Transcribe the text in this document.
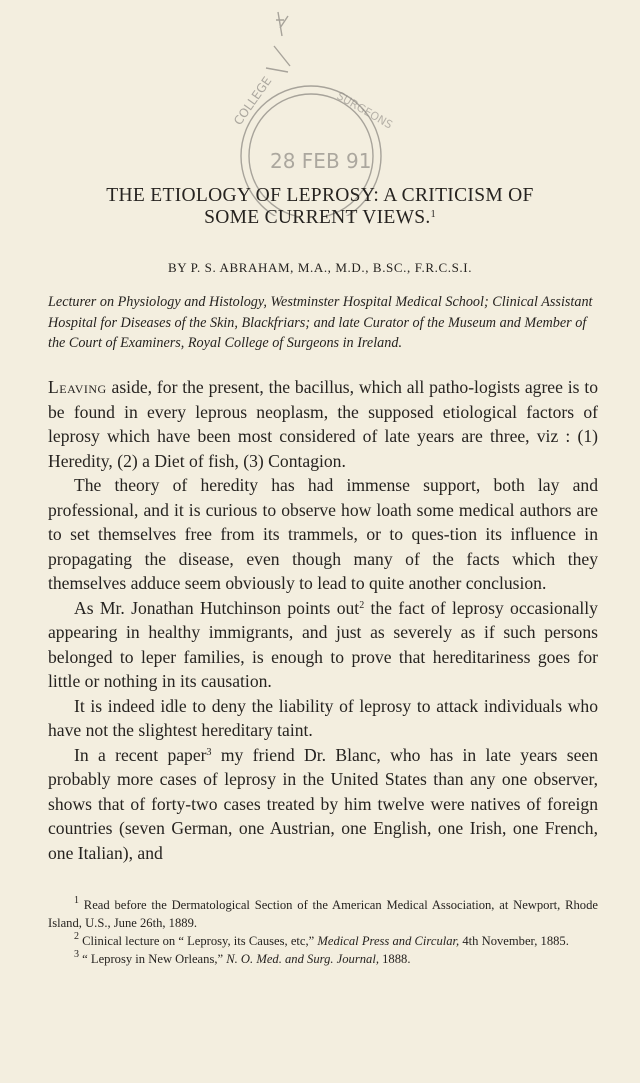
COLLEGE	SURGEONS
28 FEB 91
THE ETIOLOGY OF LEPROSY: A CRITICISM OF
SOME CURRENT VIEWS.$^1$
BY P. S. ABRAHAM, M.A., M.D., B.SC., F.R.C.S.I.
Lecturer on Physiology and Histology, Westminster Hospital Medical School; Clinical Assistant Hospital for Diseases of the Skin, Blackfriars; and late Curator of the Museum and Member of the Court of Examiners, Royal College of Surgeons in Ireland.

Leaving aside, for the present, the bacillus, which all patho-logists agree is to be found in every leprous neoplasm, the supposed etiological factors of leprosy which have been most considered of late years are three, viz : (1) Heredity, (2) a Diet of fish, (3) Contagion.

The theory of heredity has had immense support, both lay and professional, and it is curious to observe how loath some medical authors are to set themselves free from its trammels, or to ques-tion its influence in propagating the disease, even though many of the facts which they themselves adduce seem obviously to lead to quite another conclusion.

As Mr. Jonathan Hutchinson points out$^2$ the fact of leprosy occasionally appearing in healthy immigrants, and just as severely as if such persons belonged to leper families, is enough to prove that hereditariness goes for little or nothing in its causation.

It is indeed idle to deny the liability of leprosy to attack individuals who have not the slightest hereditary taint.

In a recent paper$^3$ my friend Dr. Blanc, who has in late years seen probably more cases of leprosy in the United States than any one observer, shows that of forty-two cases treated by him twelve were natives of foreign countries (seven German, one Austrian, one English, one Irish, one French, one Italian), and

$^1$ Read before the Dermatological Section of the American Medical Association, at Newport, Rhode Island, U.S., June 26th, 1889.

$^2$ Clinical lecture on “ Leprosy, its Causes, etc,” Medical Press and Circular, 4th November, 1885.

$^3$ “ Leprosy in New Orleans,” N. O. Med. and Surg. Journal, 1888.
